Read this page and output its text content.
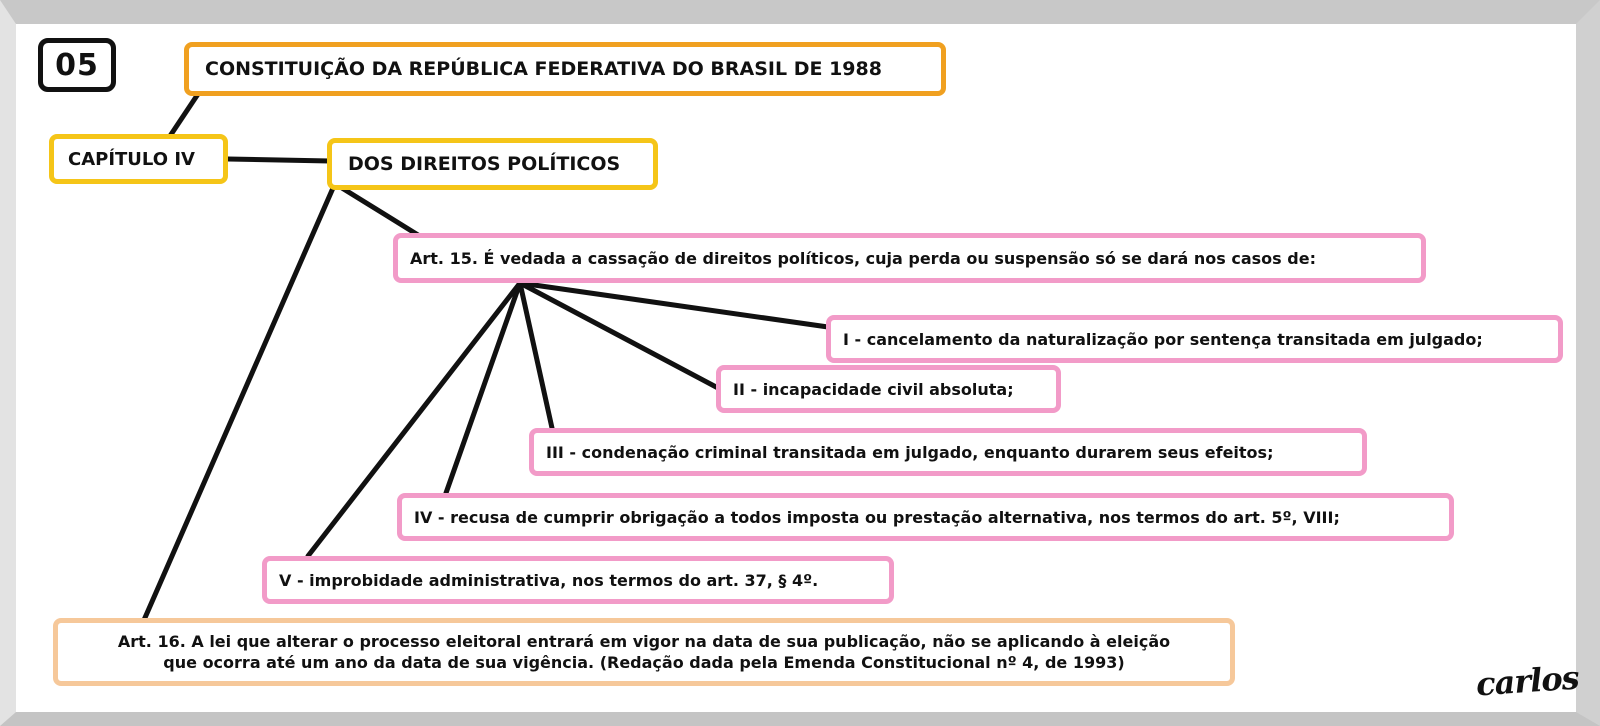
05	CONSTITUIÇÃO DA REPÚBLICA FEDERATIVA DO BRASIL DE 1988
CAPÍTULO IV	DOS DIREITOS POLÍTICOS
Art. 15. É vedada a cassação de direitos políticos, cuja perda ou suspensão só se dará nos casos de:
I - cancelamento da naturalização por sentença transitada em julgado;
II - incapacidade civil absoluta;
III - condenação criminal transitada em julgado, enquanto durarem seus efeitos;
IV - recusa de cumprir obrigação a todos imposta ou prestação alternativa, nos termos do art. 5º, VIII;
V - improbidade administrativa, nos termos do art. 37, § 4º.
Art. 16. A lei que alterar o processo eleitoral entrará em vigor na data de sua publicação, não se aplicando à eleição
que ocorra até um ano da data de sua vigência. (Redação dada pela Emenda Constitucional nº 4, de 1993)	carlos
